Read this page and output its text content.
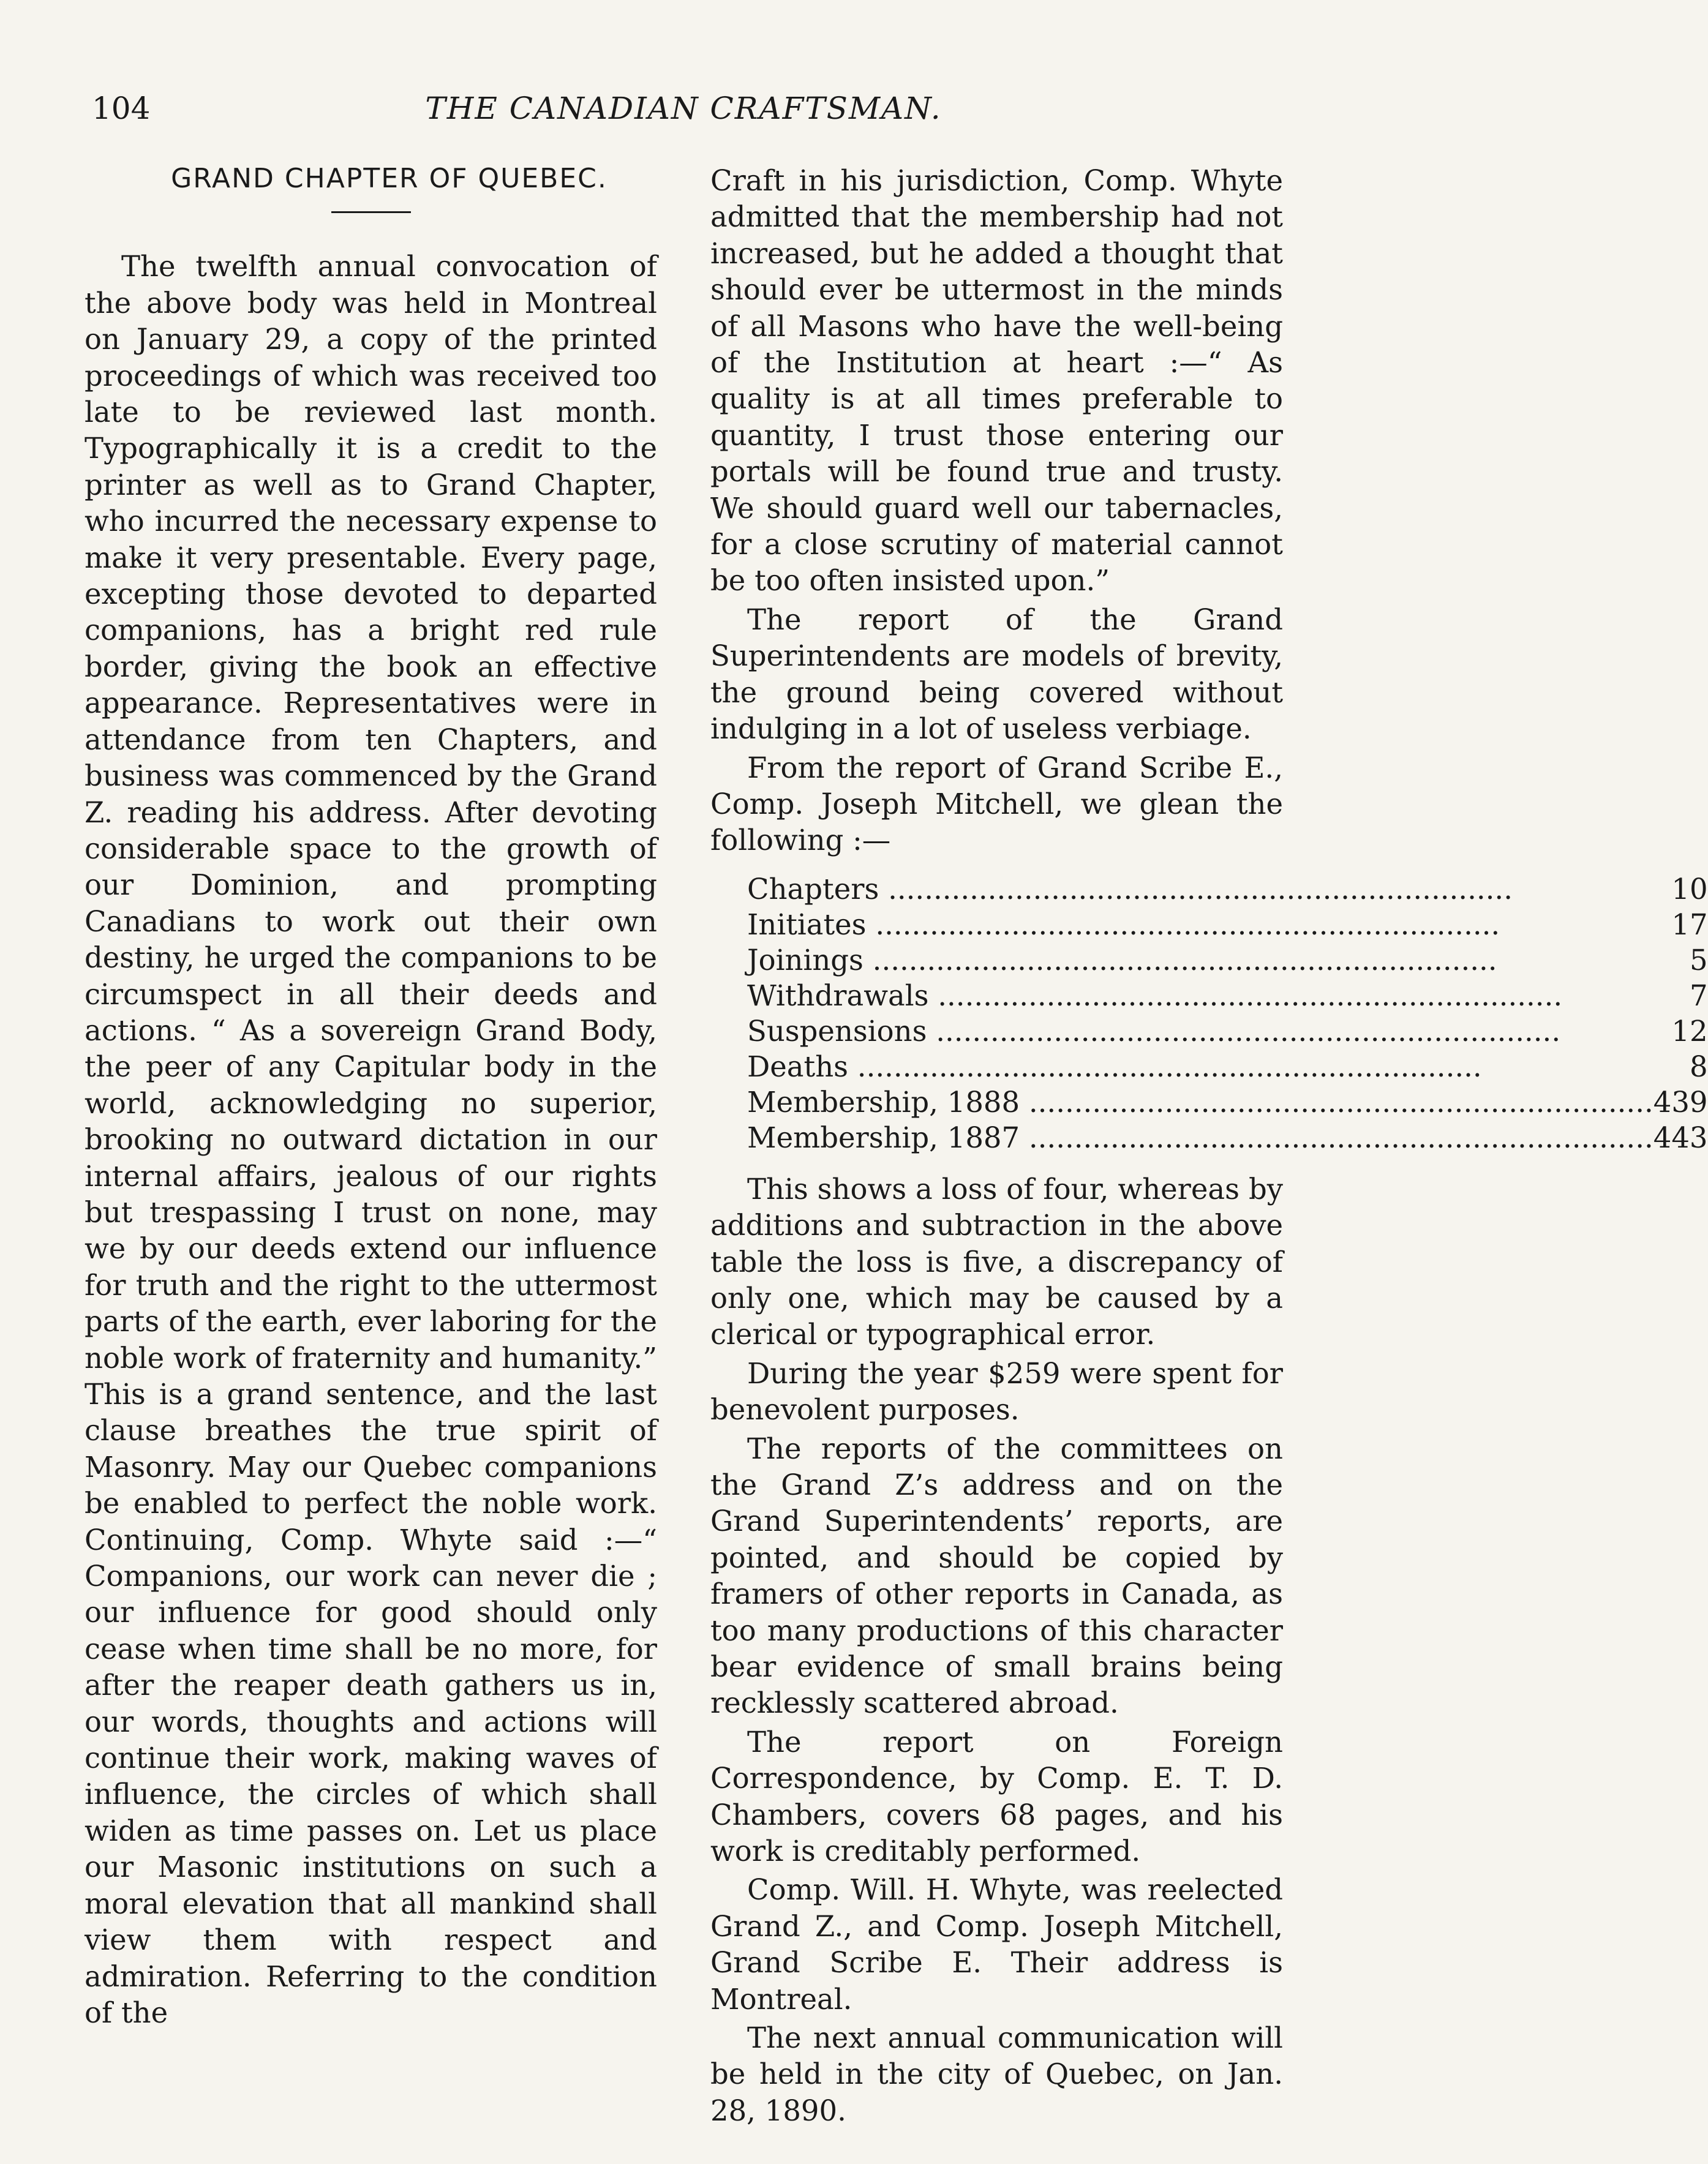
104	THE CANADIAN CRAFTSMAN.

GRAND CHAPTER OF QUEBEC.

The twelfth annual convocation of the above body was held in Montreal on January 29, a copy of the printed proceedings of which was received too late to be reviewed last month. Typographically it is a credit to the printer as well as to Grand Chapter, who incurred the necessary expense to make it very presentable. Every page, excepting those devoted to departed companions, has a bright red rule border, giving the book an effective appearance. Representatives were in attendance from ten Chapters, and business was commenced by the Grand Z. reading his address. After devoting considerable space to the growth of our Dominion, and prompting Canadians to work out their own destiny, he urged the companions to be circumspect in all their deeds and actions. “ As a sovereign Grand Body, the peer of any Capitular body in the world, acknowledging no superior, brooking no outward dictation in our internal affairs, jealous of our rights but trespassing I trust on none, may we by our deeds extend our influence for truth and the right to the uttermost parts of the earth, ever laboring for the noble work of fraternity and humanity.” This is a grand sentence, and the last clause breathes the true spirit of Masonry. May our Quebec companions be enabled to perfect the noble work. Continuing, Comp. Whyte said :—“ Companions, our work can never die ; our influence for good should only cease when time shall be no more, for after the reaper death gathers us in, our words, thoughts and actions will continue their work, making waves of influence, the circles of which shall widen as time passes on. Let us place our Masonic institutions on such a moral elevation that all mankind shall view them with respect and admiration. Referring to the condition of the

Craft in his jurisdiction, Comp. Whyte admitted that the membership had not increased, but he added a thought that should ever be uttermost in the minds of all Masons who have the well-being of the Institution at heart :—“ As quality is at all times preferable to quantity, I trust those entering our portals will be found true and trusty. We should guard well our tabernacles, for a close scrutiny of material cannot be too often insisted upon.”

The report of the Grand Superintendents are models of brevity, the ground being covered without indulging in a lot of useless verbiage.

From the report of Grand Scribe E., Comp. Joseph Mitchell, we glean the following :—

Chapters .....	10
Initiates .....	17
Joinings .....	5
Withdrawals .....	7
Suspensions .....	12
Deaths .....	8
Membership, 1888 .....	439
Membership, 1887 .....	443

This shows a loss of four, whereas by additions and subtraction in the above table the loss is five, a discrepancy of only one, which may be caused by a clerical or typographical error.

During the year $259 were spent for benevolent purposes.

The reports of the committees on the Grand Z’s address and on the Grand Superintendents’ reports, are pointed, and should be copied by framers of other reports in Canada, as too many productions of this character bear evidence of small brains being recklessly scattered abroad.

The report on Foreign Correspondence, by Comp. E. T. D. Chambers, covers 68 pages, and his work is creditably performed.

Comp. Will. H. Whyte, was reelected Grand Z., and Comp. Joseph Mitchell, Grand Scribe E. Their address is Montreal.

The next annual communication will be held in the city of Quebec, on Jan. 28, 1890.
